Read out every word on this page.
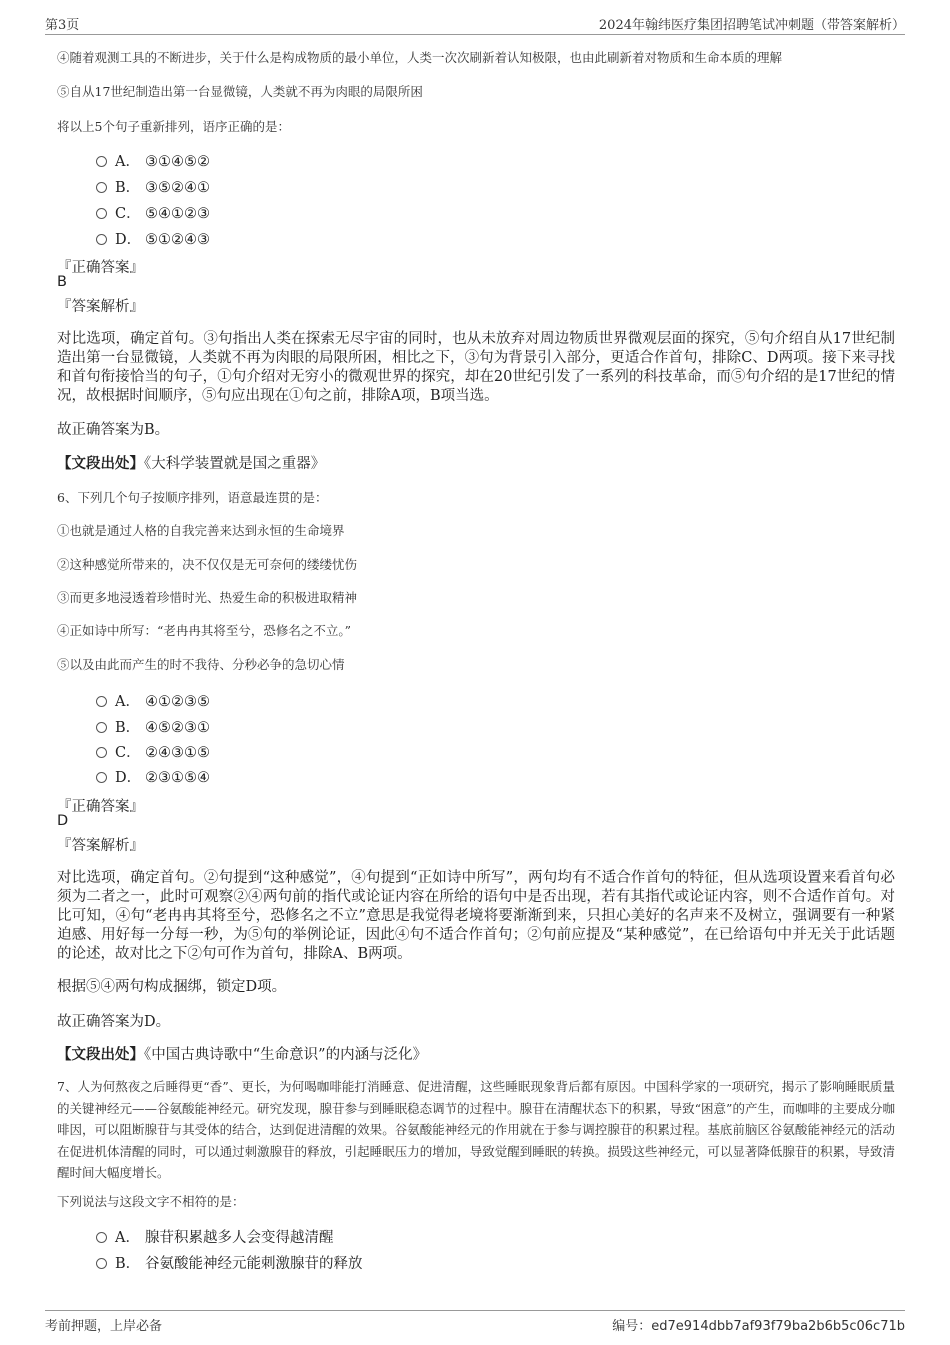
第3页	2024年翰纬医疗集团招聘笔试冲刺题（带答案解析）
④随着观测工具的不断进步，关于什么是构成物质的最小单位，人类一次次刷新着认知极限，也由此刷新着对物质和生命本质的理解
⑤自从17世纪制造出第一台显微镜，人类就不再为肉眼的局限所困
将以上5个句子重新排列，语序正确的是：
A． ③①④⑤②
B． ③⑤②④①
C． ⑤④①②③
D． ⑤①②④③
『正确答案』
B
『答案解析』
对比选项，确定首句。③句指出人类在探索无尽宇宙的同时，也从未放弃对周边物质世界微观层面的探究，⑤句介绍自从17世纪制造出第一台显微镜，人类就不再为肉眼的局限所困，相比之下，③句为背景引入部分，更适合作首句，排除C、D两项。接下来寻找和首句衔接恰当的句子，①句介绍对无穷小的微观世界的探究，却在20世纪引发了一系列的科技革命，而⑤句介绍的是17世纪的情况，故根据时间顺序，⑤句应出现在①句之前，排除A项，B项当选。
故正确答案为B。
【文段出处】《大科学装置就是国之重器》
6、下列几个句子按顺序排列，语意最连贯的是：
①也就是通过人格的自我完善来达到永恒的生命境界
②这种感觉所带来的，决不仅仅是无可奈何的缕缕忧伤
③而更多地浸透着珍惜时光、热爱生命的积极进取精神
④正如诗中所写：“老冉冉其将至兮，恐修名之不立。”
⑤以及由此而产生的时不我待、分秒必争的急切心情
A． ④①②③⑤
B． ④⑤②③①
C． ②④③①⑤
D． ②③①⑤④
『正确答案』
D
『答案解析』
对比选项，确定首句。②句提到“这种感觉”，④句提到“正如诗中所写”，两句均有不适合作首句的特征，但从选项设置来看首句必须为二者之一，此时可观察②④两句前的指代或论证内容在所给的语句中是否出现，若有其指代或论证内容，则不合适作首句。对比可知，④句“老冉冉其将至兮，恐修名之不立”意思是我觉得老境将要渐渐到来，只担心美好的名声来不及树立，强调要有一种紧迫感、用好每一分每一秒，为⑤句的举例论证，因此④句不适合作首句；②句前应提及“某种感觉”，在已给语句中并无关于此话题的论述，故对比之下②句可作为首句，排除A、B两项。
根据⑤④两句构成捆绑，锁定D项。
故正确答案为D。
【文段出处】《中国古典诗歌中“生命意识”的内涵与泛化》
7、人为何熬夜之后睡得更“香”、更长，为何喝咖啡能打消睡意、促进清醒，这些睡眠现象背后都有原因。中国科学家的一项研究，揭示了影响睡眠质量的关键神经元——谷氨酸能神经元。研究发现，腺苷参与到睡眠稳态调节的过程中。腺苷在清醒状态下的积累，导致“困意”的产生，而咖啡的主要成分咖啡因，可以阻断腺苷与其受体的结合，达到促进清醒的效果。谷氨酸能神经元的作用就在于参与调控腺苷的积累过程。基底前脑区谷氨酸能神经元的活动在促进机体清醒的同时，可以通过刺激腺苷的释放，引起睡眠压力的增加，导致觉醒到睡眠的转换。损毁这些神经元，可以显著降低腺苷的积累，导致清醒时间大幅度增长。
下列说法与这段文字不相符的是：
A． 腺苷积累越多人会变得越清醒
B． 谷氨酸能神经元能刺激腺苷的释放
考前押题，上岸必备	编号：ed7e914dbb7af93f79ba2b6b5c06c71b
